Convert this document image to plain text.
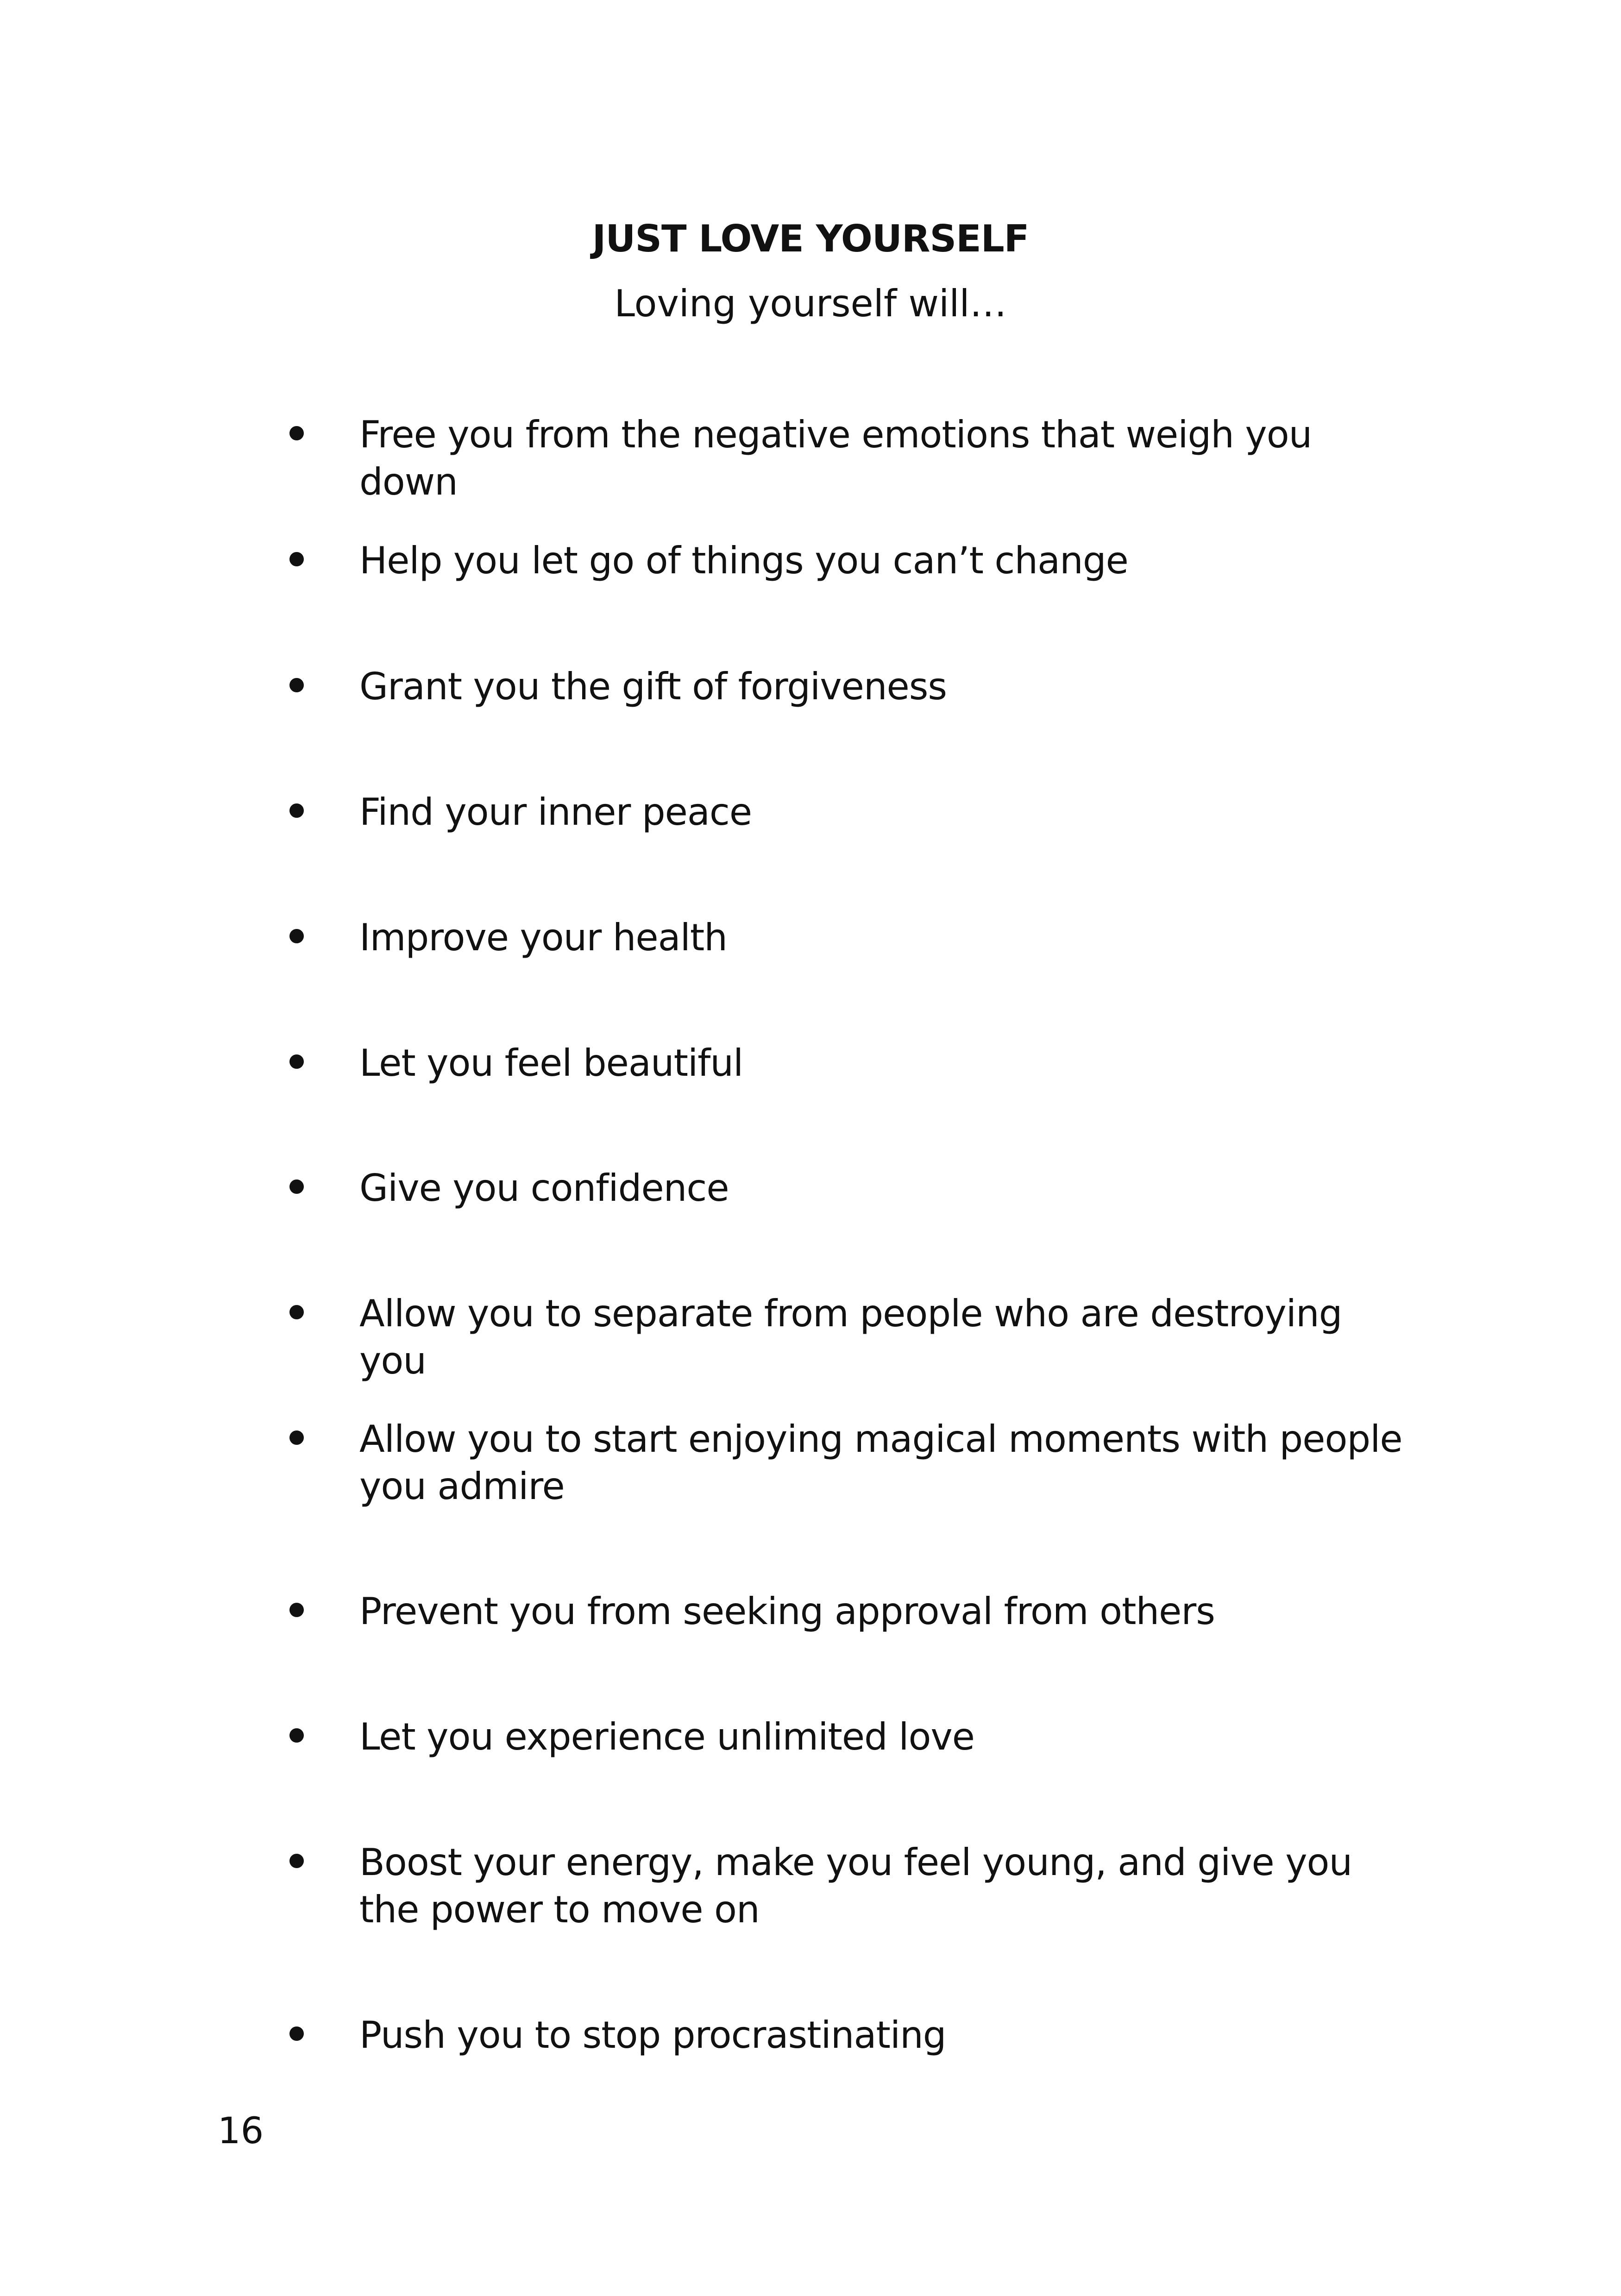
JUST LOVE YOURSELF
Loving yourself will…
Free you from the negative emotions that weigh you down
Help you let go of things you can’t change
Grant you the gift of forgiveness
Find your inner peace
Improve your health
Let you feel beautiful
Give you confidence
Allow you to separate from people who are destroying you
Allow you to start enjoying magical moments with people you admire
Prevent you from seeking approval from others
Let you experience unlimited love
Boost your energy, make you feel young, and give you the power to move on
Push you to stop procrastinating
16
